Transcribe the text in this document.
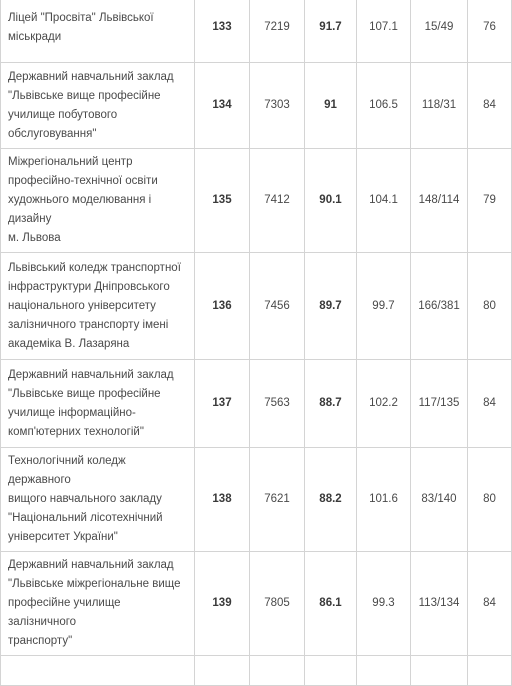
Ліцей "Просвіта" Львівської
міськради	133	7219	91.7	107.1	15/49	76

Державний навчальний заклад
"Львівське вище професійне
училище побутового
обслуговування"	134	7303	91	106.5	118/31	84

Міжрегіональний центр
професійно-технічної освіти
художнього моделювання і дизайну
м. Львова	135	7412	90.1	104.1	148/114	79

Львівський коледж транспортної
інфраструктури Дніпровського
національного університету
залізничного транспорту імені
академіка В. Лазаряна	136	7456	89.7	99.7	166/381	80

Державний навчальний заклад
"Львівське вище професійне
училище інформаційно-
комп'ютерних технологій"	137	7563	88.7	102.2	117/135	84

Технологічний коледж державного
вищого навчального закладу
"Національний лісотехнічний
університет України"	138	7621	88.2	101.6	83/140	80

Державний навчальний заклад
"Львівське міжрегіональне вище
професійне училище залізничного
транспорту"	139	7805	86.1	99.3	113/134	84
